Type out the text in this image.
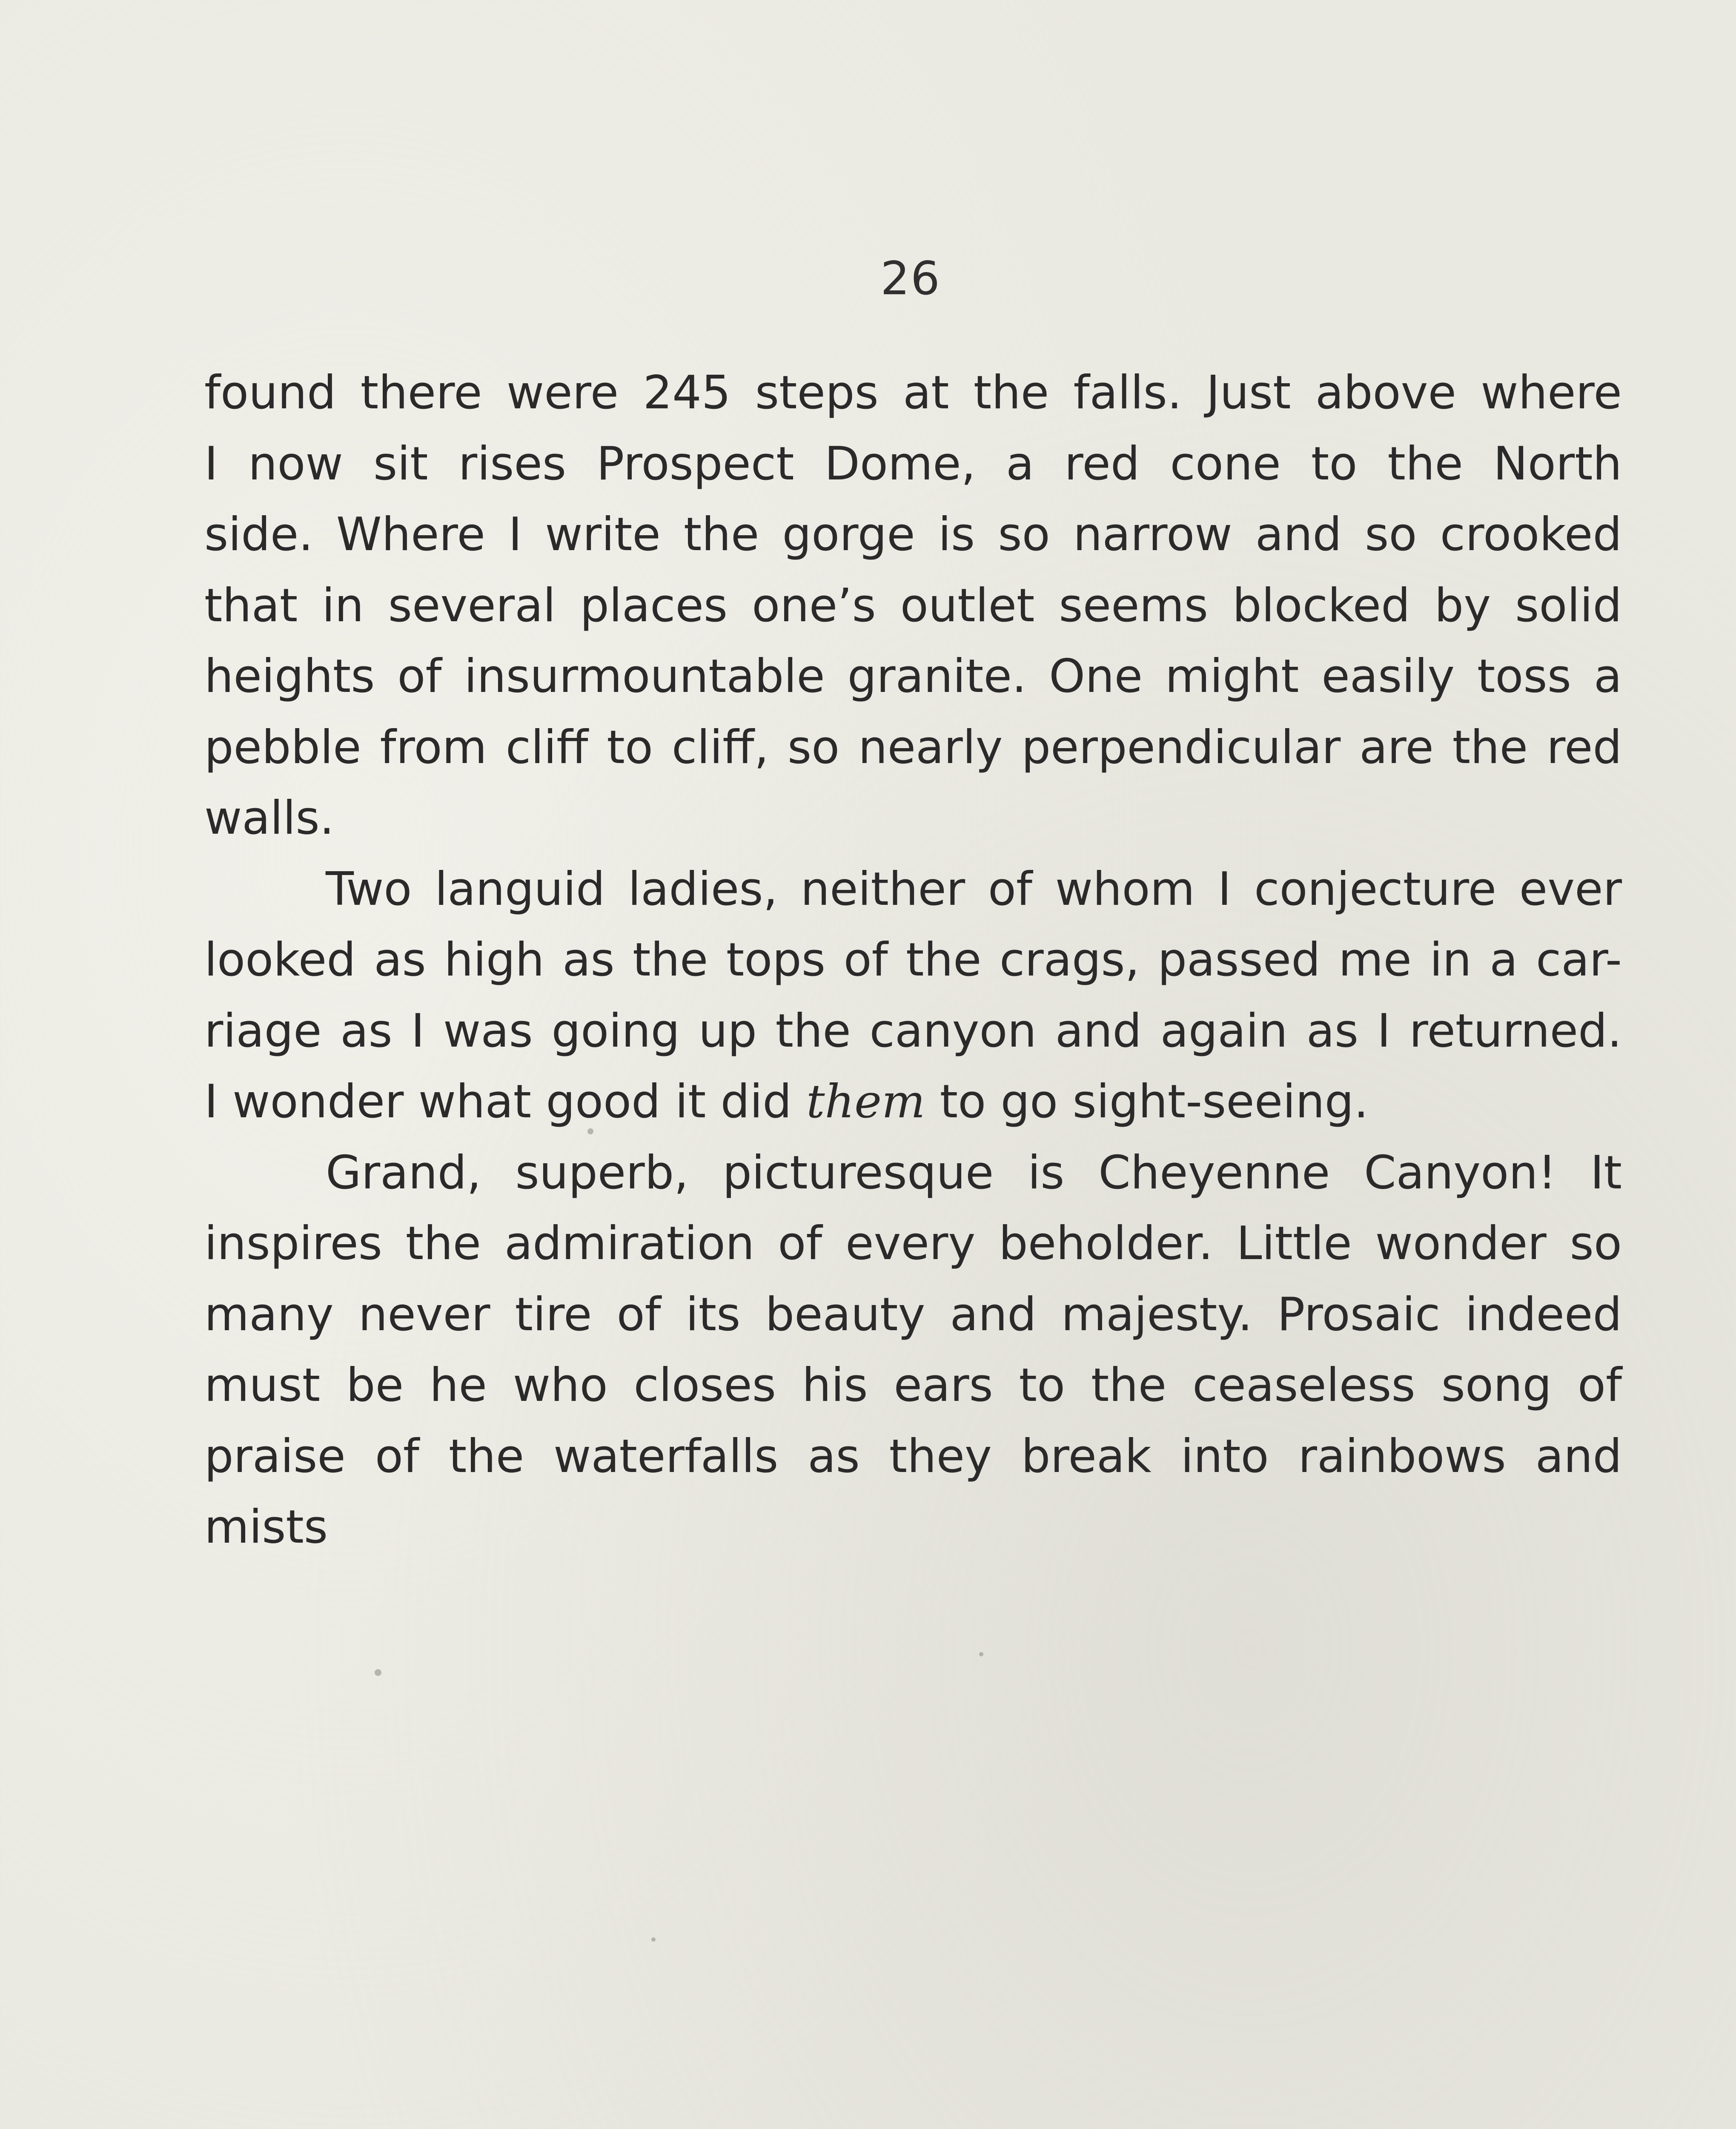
26
found there were 245 steps at the falls. Just above where
I now sit rises Prospect Dome, a red cone to the North
side. Where I write the gorge is so narrow and so crooked
that in several places one’s outlet seems blocked by solid
heights of insurmountable granite. One might easily toss a
pebble from cliff to cliff, so nearly perpendicular are the red
walls.
Two languid ladies, neither of whom I conjecture ever
looked as high as the tops of the crags, passed me in a car-
riage as I was going up the canyon and again as I returned.
I wonder what good it did them to go sight-seeing.
Grand, superb, picturesque is Cheyenne Canyon! It
inspires the admiration of every beholder. Little wonder so
many never tire of its beauty and majesty. Prosaic indeed
must be he who closes his ears to the ceaseless song of
praise of the waterfalls as they break into rainbows and
mists
